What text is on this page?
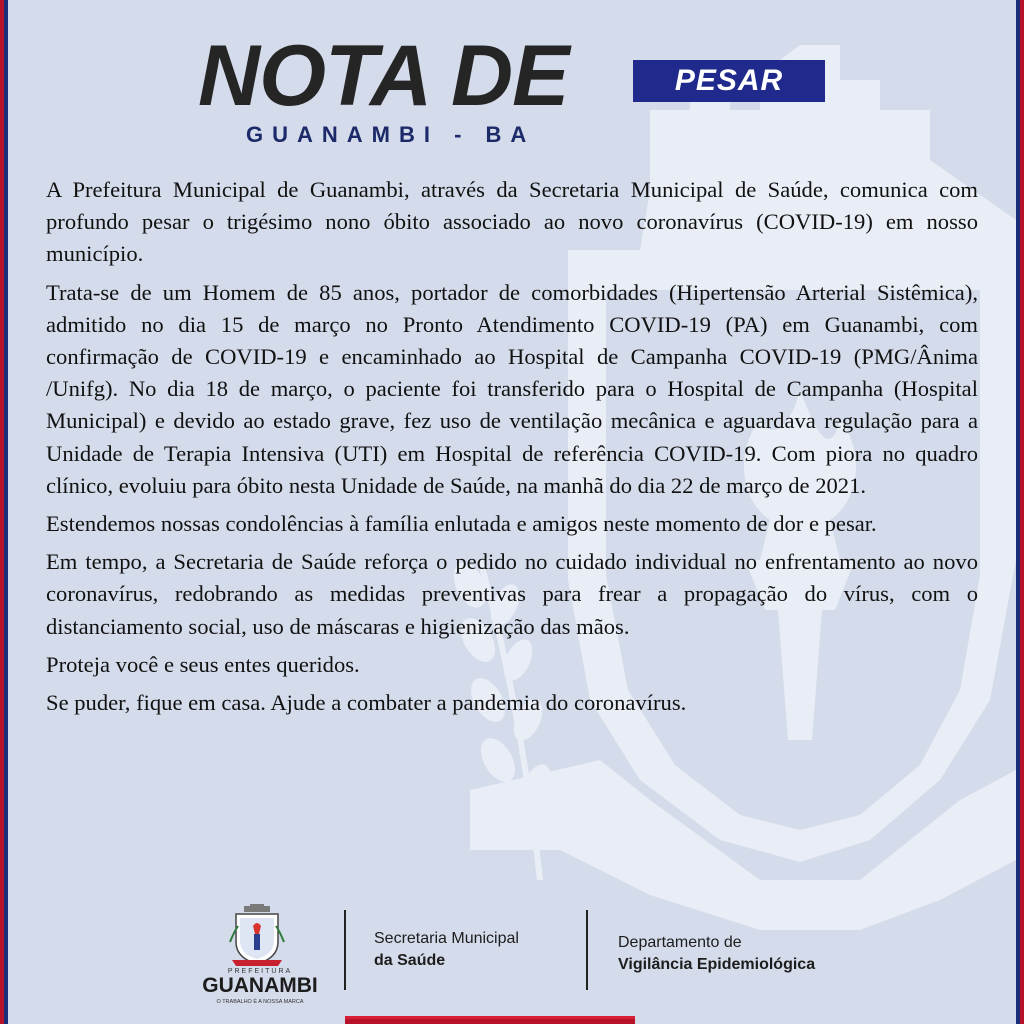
NOTA DE	PESAR
GUANAMBI - BA

A Prefeitura Municipal de Guanambi, através da Secretaria Municipal de Saúde, comunica com profundo pesar o trigésimo nono óbito associado ao novo coronavírus (COVID-19) em nosso município.

Trata-se de um Homem de 85 anos, portador de comorbidades (Hipertensão Arterial Sistêmica), admitido no dia 15 de março no Pronto Atendimento COVID-19 (PA) em Guanambi, com confirmação de COVID-19 e encaminhado ao Hospital de Campanha COVID-19 (PMG/Ânima /Unifg). No dia 18 de março, o paciente foi transferido para o Hospital de Campanha (Hospital Municipal) e devido ao estado grave, fez uso de ventilação mecânica e aguardava regulação para a Unidade de Terapia Intensiva (UTI) em Hospital de referência COVID-19. Com piora no quadro clínico, evoluiu para óbito nesta Unidade de Saúde, na manhã do dia 22 de março de 2021.

Estendemos nossas condolências à família enlutada e amigos neste momento de dor e pesar.

Em tempo, a Secretaria de Saúde reforça o pedido no cuidado individual no enfrentamento ao novo coronavírus, redobrando as medidas preventivas para frear a propagação do vírus, com o distanciamento social, uso de máscaras e higienização das mãos.

Proteja você e seus entes queridos.

Se puder, fique em casa. Ajude a combater a pandemia do coronavírus.

PREFEITURA
GUANAMBI
O TRABALHO É A NOSSA MARCA
Secretaria Municipal
da Saúde
Departamento de
Vigilância Epidemiológica
